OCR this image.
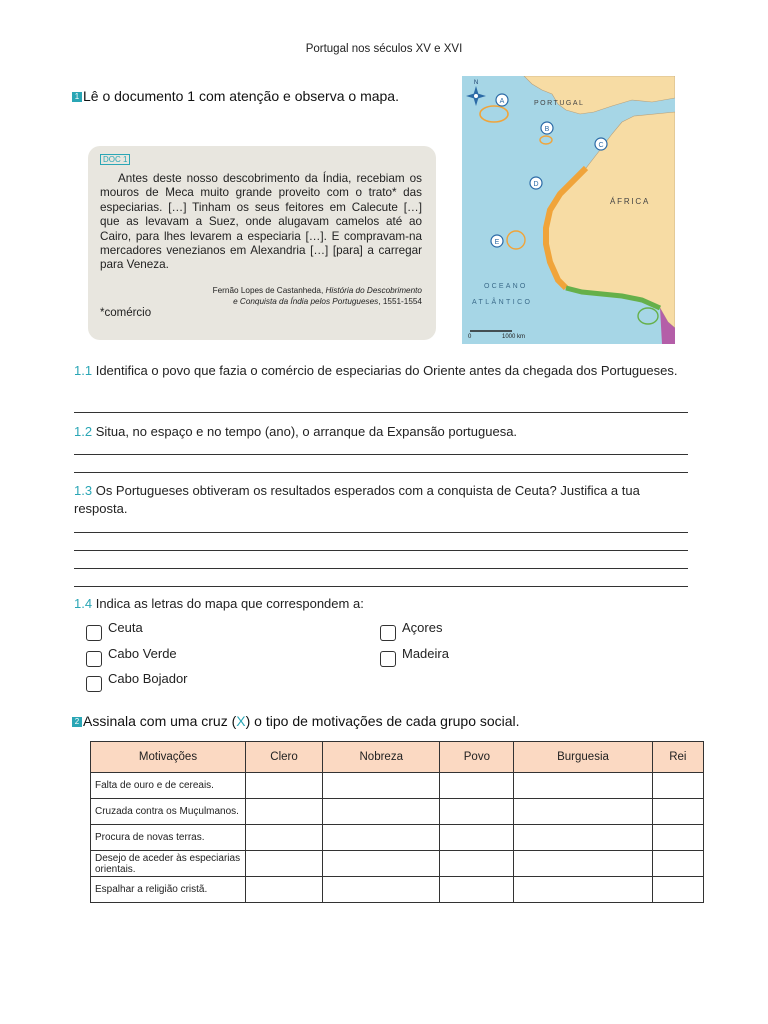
Portugal nos séculos XV e XVI
1 Lê o documento 1 com atenção e observa o mapa.
DOC 1
Antes deste nosso descobrimento da Índia, recebiam os mouros de Meca muito grande proveito com o trato* das especiarias. […] Tinham os seus feitores em Calecute […] que as levavam a Suez, onde alugavam camelos até ao Cairo, para lhes levarem a especiaria […]. E compravam-na mercadores venezianos em Alexandria […] [para] a carregar para Veneza.
Fernão Lopes de Castanheda, História do Descobrimento
e Conquista da Índia pelos Portugueses, 1551-1554
*comércio
N
PORTUGAL
ÁFRICA
OCEANO
ATLÂNTICO
A
B
C
D
E
0	1000 km
1.1 Identifica o povo que fazia o comércio de especiarias do Oriente antes da chegada dos Portugueses.
1.2 Situa, no espaço e no tempo (ano), o arranque da Expansão portuguesa.
1.3 Os Portugueses obtiveram os resultados esperados com a conquista de Ceuta? Justifica a tua resposta.
1.4 Indica as letras do mapa que correspondem a:
Ceuta	Açores
Cabo Verde	Madeira
Cabo Bojador
2 Assinala com uma cruz (X) o tipo de motivações de cada grupo social.
Motivações	Clero	Nobreza	Povo	Burguesia	Rei
Falta de ouro e de cereais.					
Cruzada contra os Muçulmanos.					
Procura de novas terras.					
Desejo de aceder às especiarias orientais.					
Espalhar a religião cristã.					
